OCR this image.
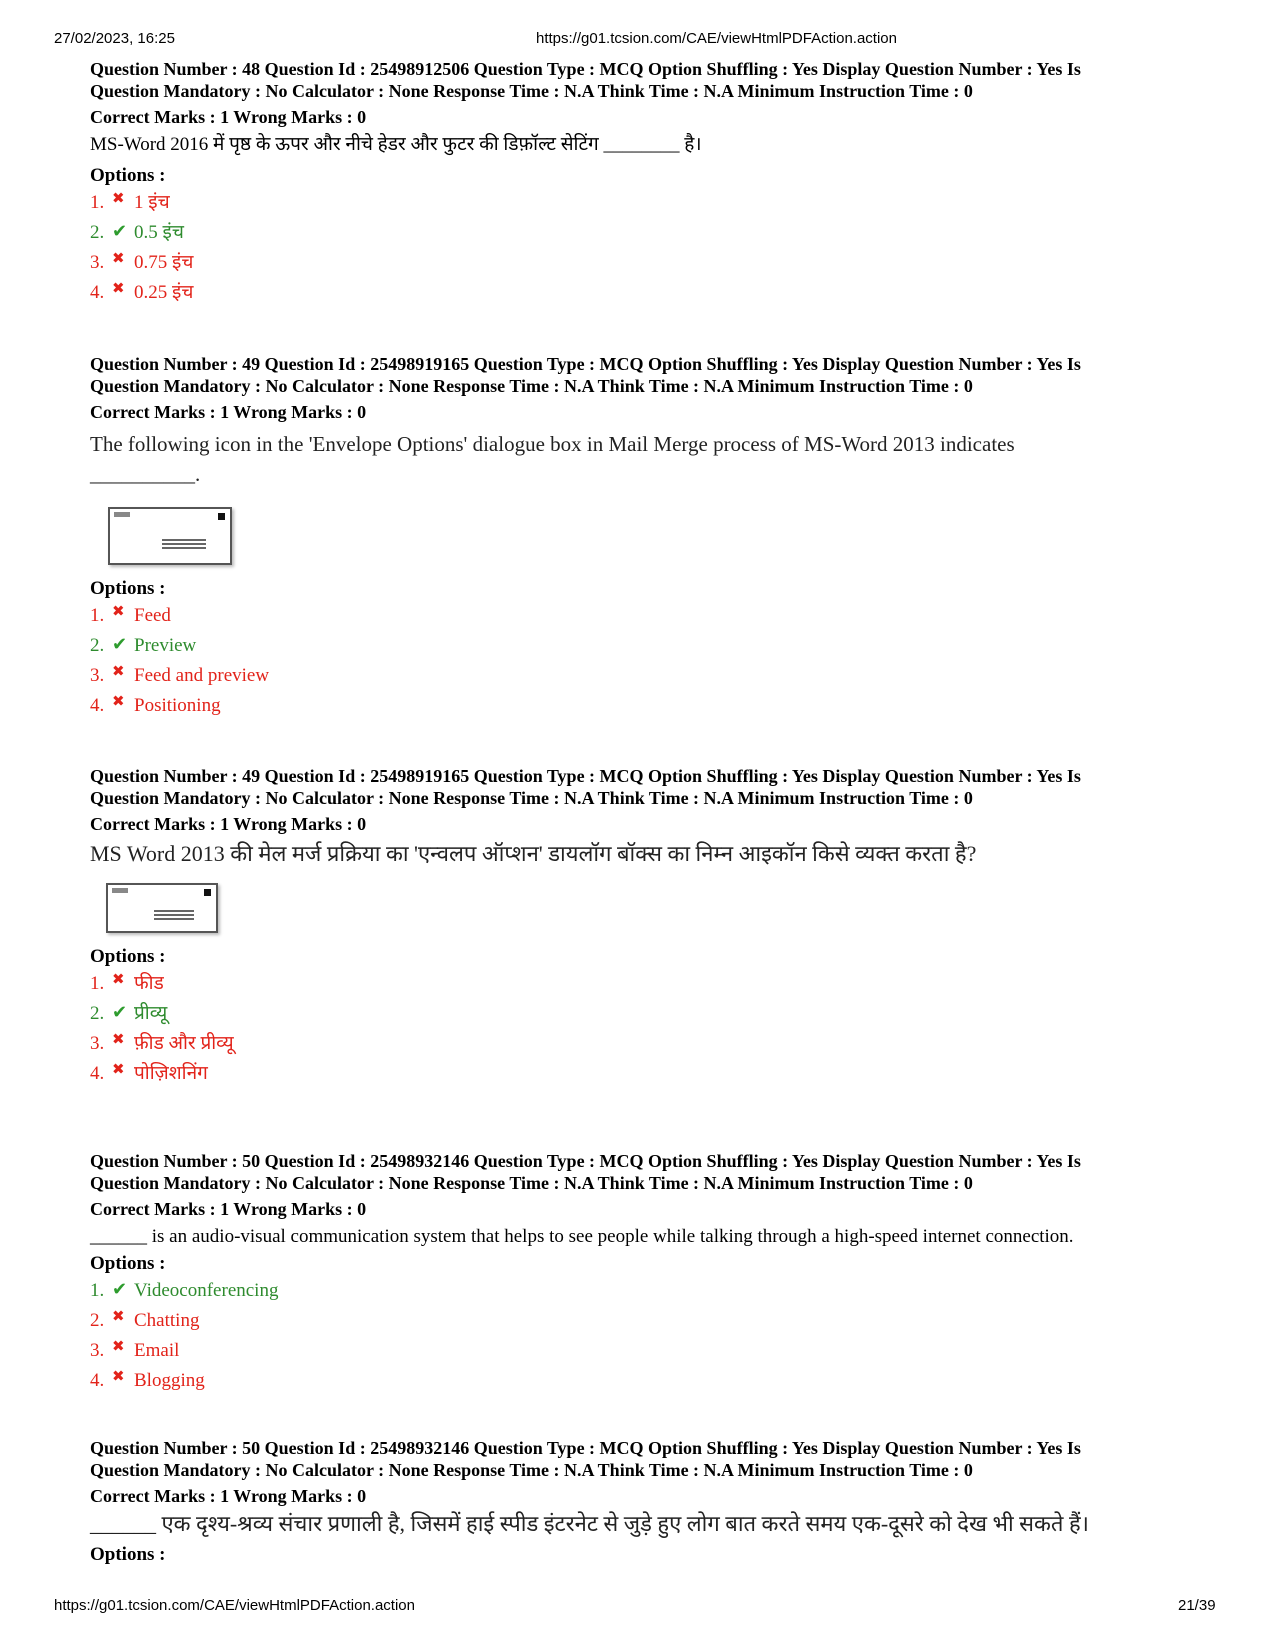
27/02/2023, 16:25	https://g01.tcsion.com/CAE/viewHtmlPDFAction.action

Question Number : 48 Question Id : 25498912506 Question Type : MCQ Option Shuffling : Yes Display Question Number : Yes Is

Question Mandatory : No Calculator : None Response Time : N.A Think Time : N.A Minimum Instruction Time : 0

Correct Marks : 1 Wrong Marks : 0

MS-Word 2016 में पृष्ठ के ऊपर और नीचे हेडर और फुटर की डिफ़ॉल्ट सेटिंग ________ है।

Options :

1. ✖ 1 इंच
2. ✔ 0.5 इंच
3. ✖ 0.75 इंच
4. ✖ 0.25 इंच

Question Number : 49 Question Id : 25498919165 Question Type : MCQ Option Shuffling : Yes Display Question Number : Yes Is

Question Mandatory : No Calculator : None Response Time : N.A Think Time : N.A Minimum Instruction Time : 0

Correct Marks : 1 Wrong Marks : 0

The following icon in the 'Envelope Options' dialogue box in Mail Merge process of MS-Word 2013 indicates

__________.

Options :

1. ✖ Feed
2. ✔ Preview
3. ✖ Feed and preview
4. ✖ Positioning

Question Number : 49 Question Id : 25498919165 Question Type : MCQ Option Shuffling : Yes Display Question Number : Yes Is

Question Mandatory : No Calculator : None Response Time : N.A Think Time : N.A Minimum Instruction Time : 0

Correct Marks : 1 Wrong Marks : 0

MS Word 2013 की मेल मर्ज प्रक्रिया का 'एन्वलप ऑप्शन' डायलॉग बॉक्स का निम्न आइकॉन किसे व्यक्त करता है?

Options :

1. ✖ फीड
2. ✔ प्रीव्यू
3. ✖ फ़ीड और प्रीव्यू
4. ✖ पोज़िशनिंग

Question Number : 50 Question Id : 25498932146 Question Type : MCQ Option Shuffling : Yes Display Question Number : Yes Is

Question Mandatory : No Calculator : None Response Time : N.A Think Time : N.A Minimum Instruction Time : 0

Correct Marks : 1 Wrong Marks : 0

______ is an audio-visual communication system that helps to see people while talking through a high-speed internet connection.

Options :

1. ✔ Videoconferencing
2. ✖ Chatting
3. ✖ Email
4. ✖ Blogging

Question Number : 50 Question Id : 25498932146 Question Type : MCQ Option Shuffling : Yes Display Question Number : Yes Is

Question Mandatory : No Calculator : None Response Time : N.A Think Time : N.A Minimum Instruction Time : 0

Correct Marks : 1 Wrong Marks : 0

______ एक दृश्य-श्रव्य संचार प्रणाली है, जिसमें हाई स्पीड इंटरनेट से जुड़े हुए लोग बात करते समय एक-दूसरे को देख भी सकते हैं।

Options :

https://g01.tcsion.com/CAE/viewHtmlPDFAction.action	21/39
